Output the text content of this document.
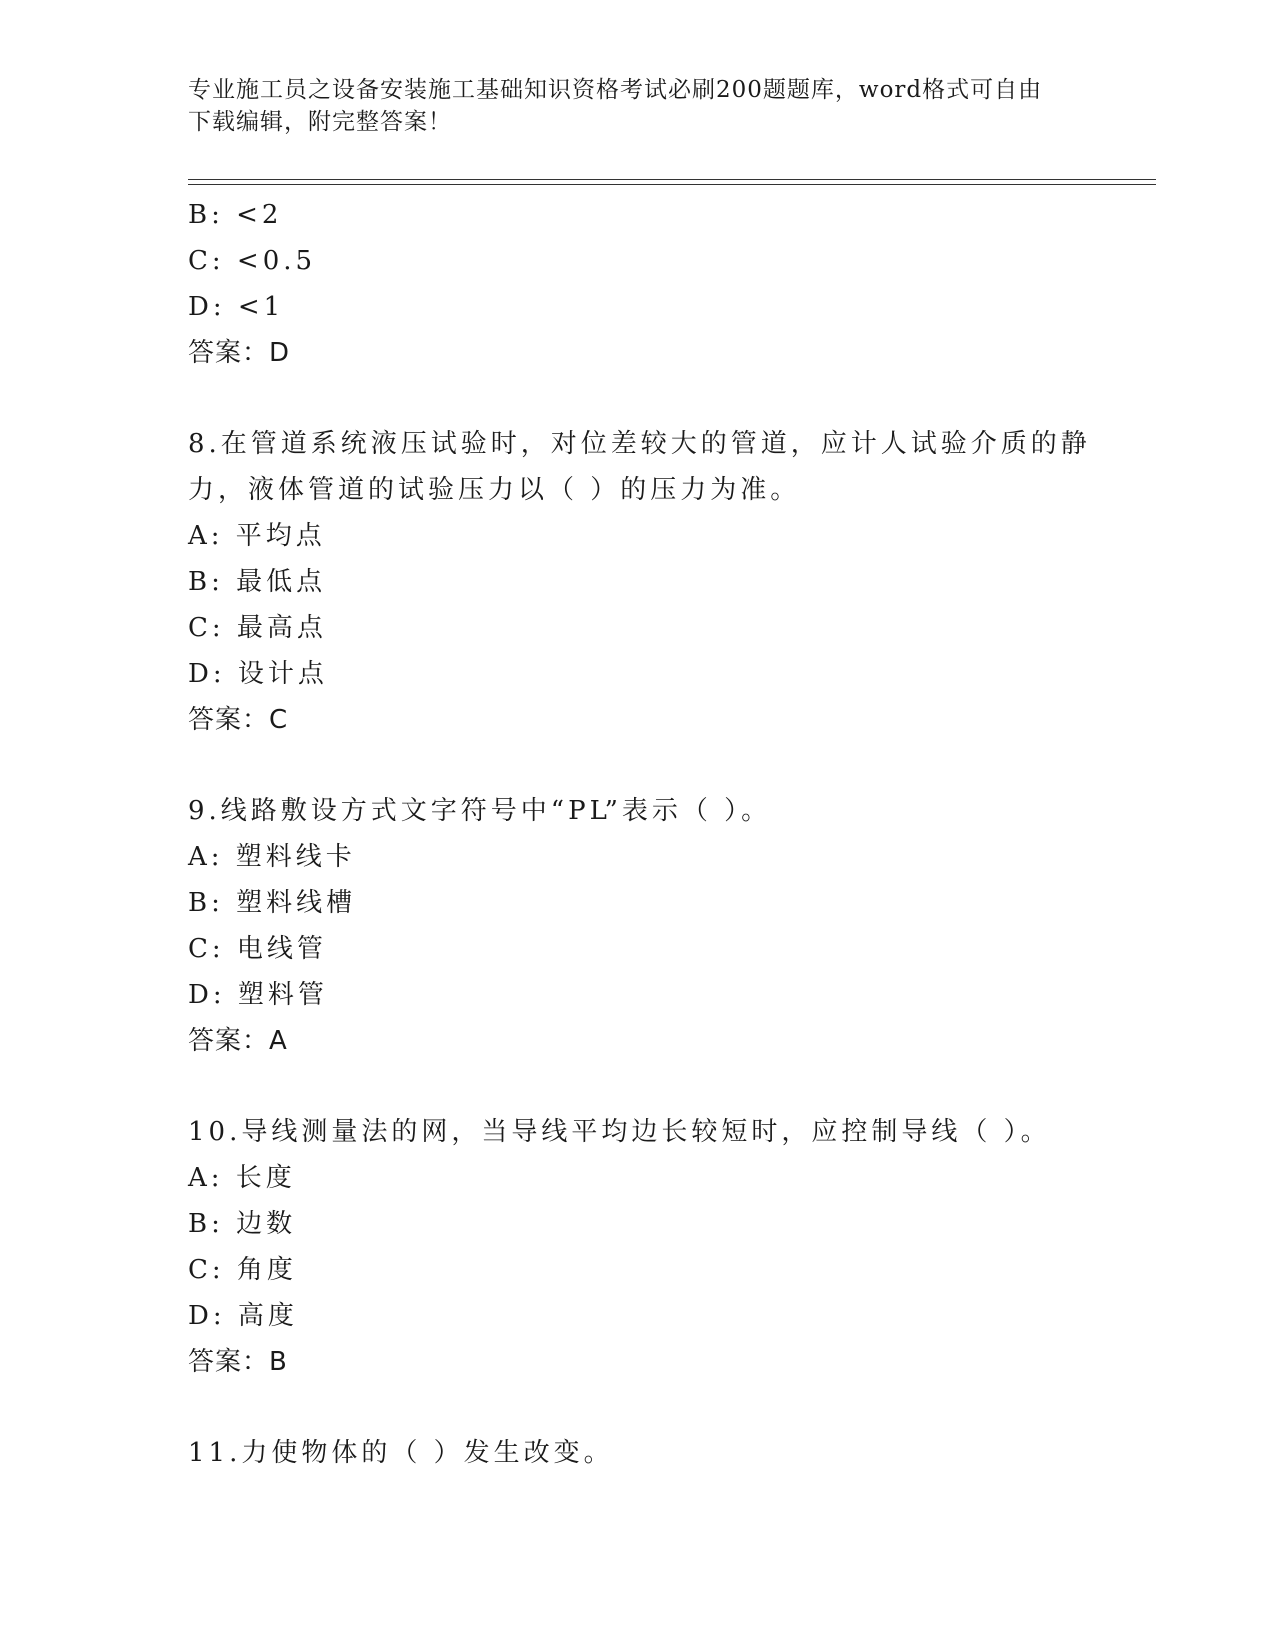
专业施工员之设备安装施工基础知识资格考试必刷200题题库，word格式可自由
下载编辑，附完整答案！
B: <2
C: <0.5
D: <1
答案：D
8.在管道系统液压试验时，对位差较大的管道，应计人试验介质的静
力，液体管道的试验压力以（ ）的压力为准。
A: 平均点
B: 最低点
C: 最高点
D: 设计点
答案：C
9.线路敷设方式文字符号中“PL”表示（ ）。
A: 塑料线卡
B: 塑料线槽
C: 电线管
D: 塑料管
答案：A
10.导线测量法的网，当导线平均边长较短时，应控制导线（ ）。
A: 长度
B: 边数
C: 角度
D: 高度
答案：B
11.力使物体的（ ）发生改变。
